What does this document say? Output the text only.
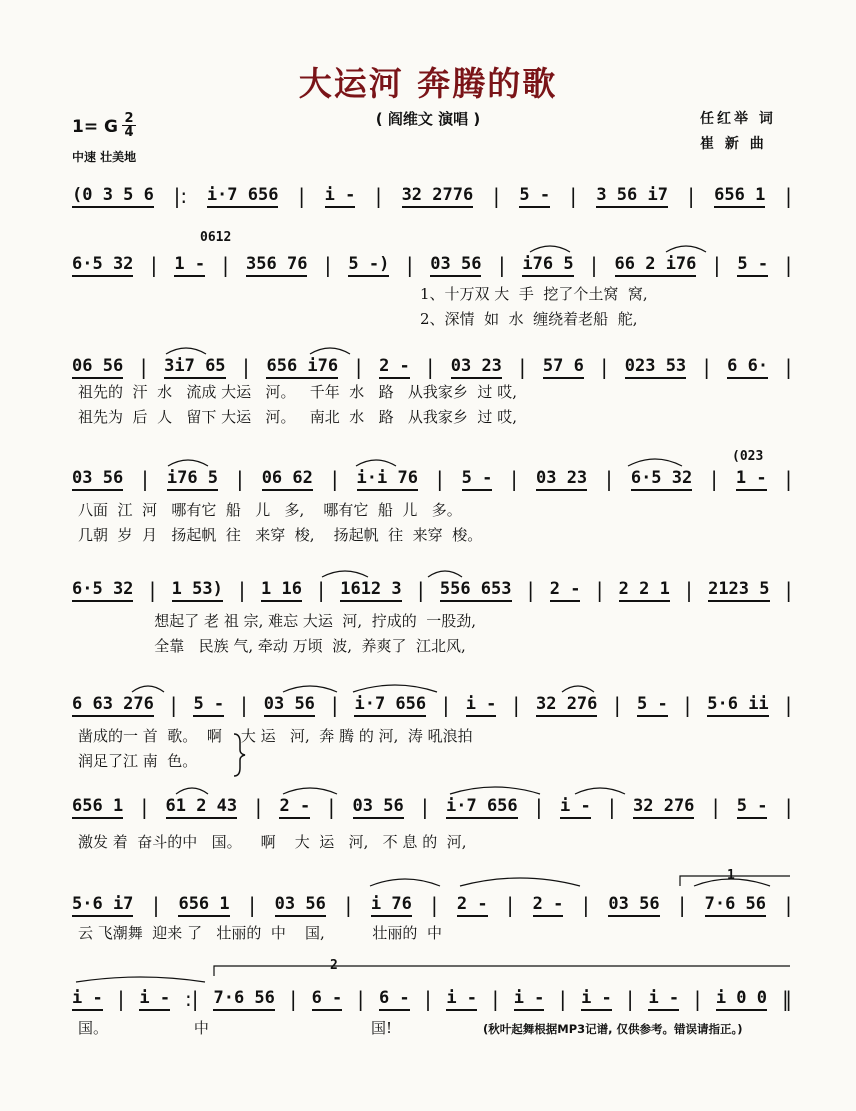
大运河 奔腾的歌
( 阎维文 演唱 )
1= G 2
4
中速 壮美地
任红举 词
崔 新 曲
(0 3 5 6 |: i·7 656 | i - | 32 2776 | 5 - | 3 56 i7 | 656 1 |
6·5 32 | 1 - | 356 76 | 5 -) | 03 56 | i76 5 | 66 2 i76 | 5 - |
1、十万双 大  手  挖了个土窝  窝,
2、深情  如  水  缠绕着老船  舵,
06 56 | 3i7 65 | 656 i76 | 2 - | 03 23 | 57 6 | 023 53 | 6 6· |
祖先的  汗  水   流成 大运   河。   千年  水   路   从我家乡  过 哎,
祖先为  后  人   留下 大运   河。   南北  水   路   从我家乡  过 哎,
03 56 | i76 5 | 06 62 | i·i 76 | 5 - | 03 23 | 6·5 32 | 1 - |
八面  江  河   哪有它  船   儿   多,    哪有它  船  儿   多。
几朝  岁  月   扬起帆  往   来穿  梭,    扬起帆  往  来穿  梭。
6·5 32 | 1 53) | 1 16 | 1612 3 | 556 653 | 2 - | 2 2 1 | 2123 5 |
想起了 老 祖 宗, 难忘 大运  河,  拧成的  一股劲,
全靠   民族 气, 牵动 万顷  波,  养爽了  江北风,
6 63 276 | 5 - | 03 56 | i·7 656 | i - | 32 276 | 5 - | 5·6 ii |
凿成的一 首  歌。  啊    大 运   河,  奔 腾 的 河,  涛 吼浪拍
润足了江 南  色。
656 1 | 61 2 43 | 2 - | 03 56 | i·7 656 | i - | 32 276 | 5 - |
激发 着  奋斗的中   国。    啊    大  运   河,   不 息 的  河,
5·6 i7 | 656 1 | 03 56 | i 76 | 2 - | 2 - | 03 56 | 7·6 56 |
云 飞潮舞  迎来 了   壮丽的  中    国,          壮丽的  中
i - | i - :| 7·6 56 | 6 - | 6 - | i - | i - | i - | i - | i 0 0 ‖
国。                  中                                  国!
0612
(023
1
2
(秋叶起舞根据MP3记谱, 仅供参考。错误请指正。)
